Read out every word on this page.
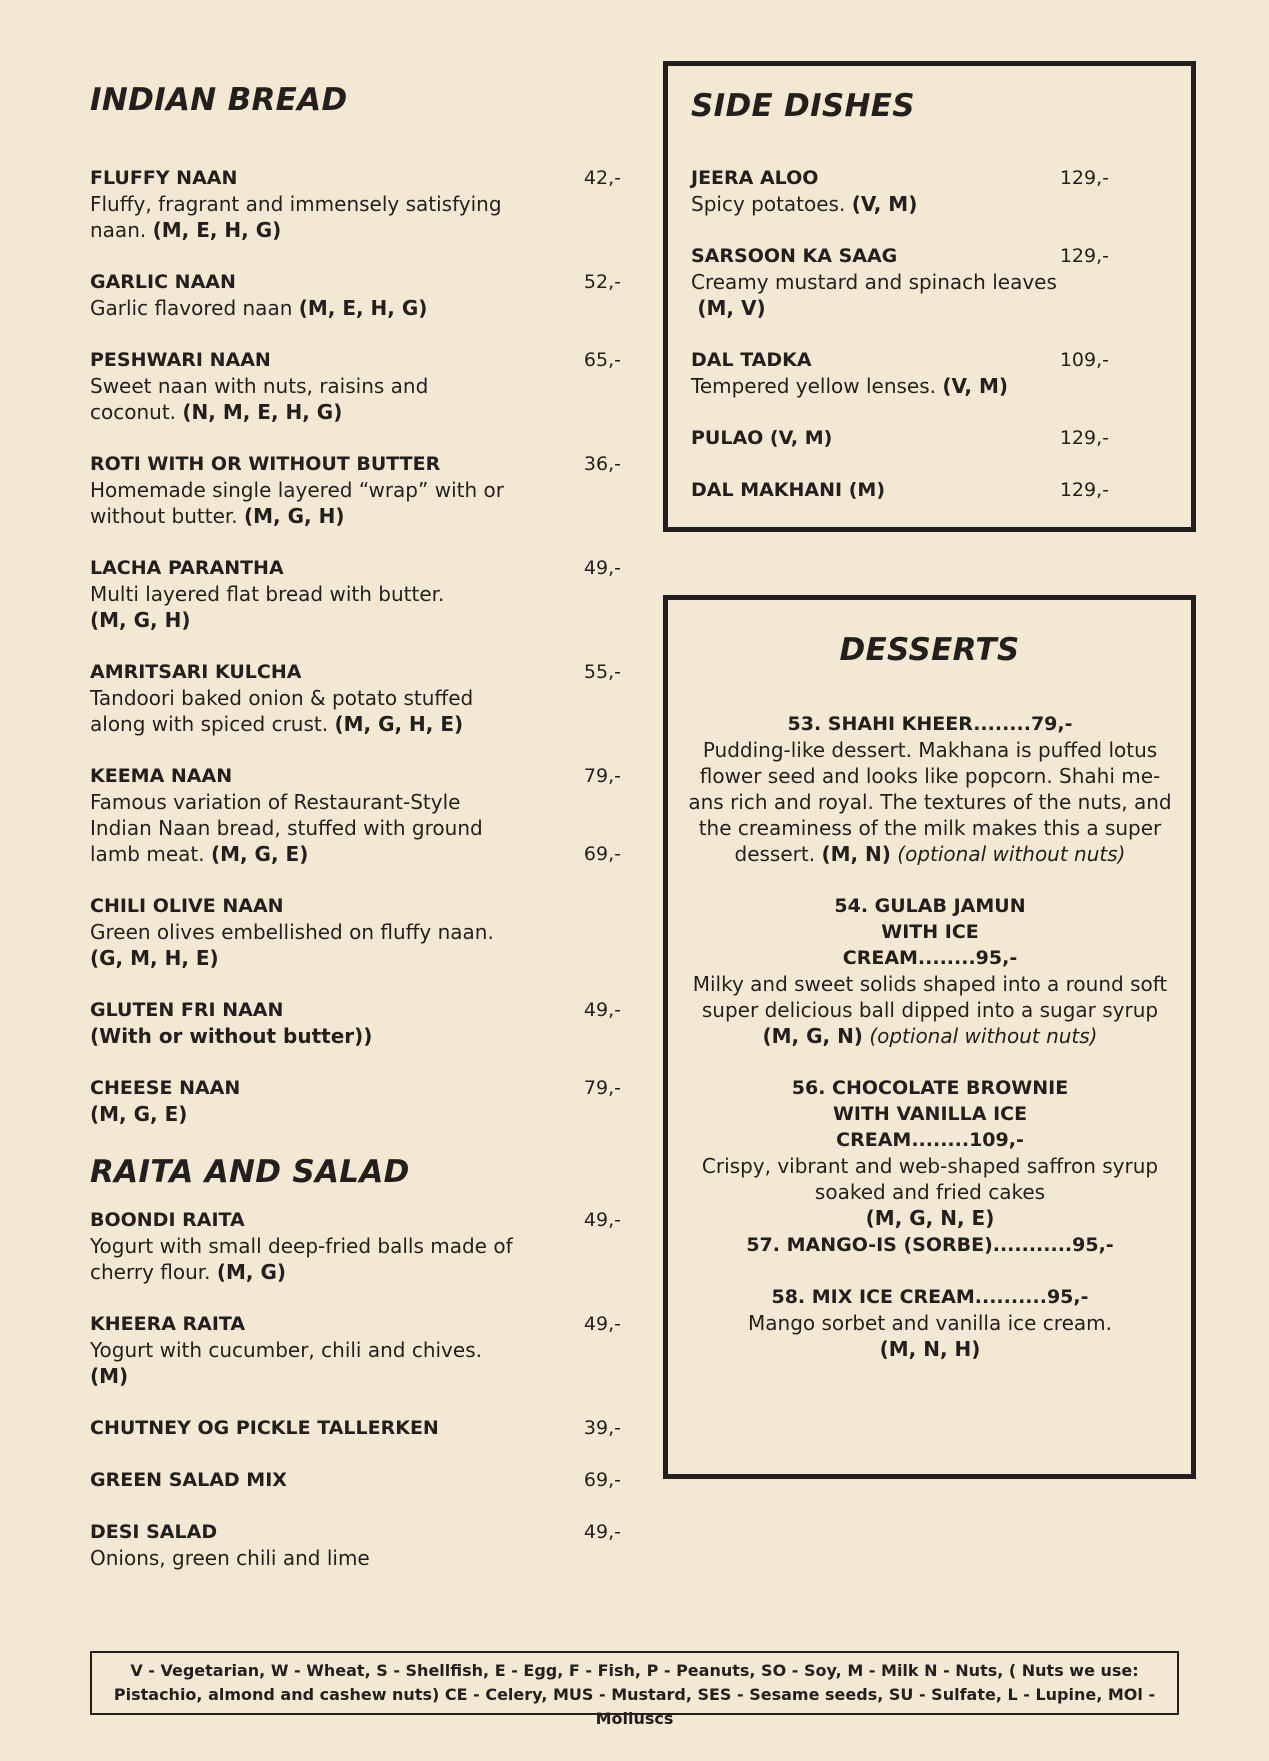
INDIAN BREAD
FLUFFY NAAN
Fluffy, fragrant and immensely satisfying naan. (M, E, H, G)
42,-
GARLIC NAAN
Garlic flavored naan (M, E, H, G)
52,-
PESHWARI NAAN
Sweet naan with nuts, raisins and coconut. (N, M, E, H, G)
65,-
ROTI WITH OR WITHOUT BUTTER
Homemade single layered “wrap” with or without butter. (M, G, H)
36,-
LACHA PARANTHA
Multi layered flat bread with butter.
(M, G, H)
49,-
AMRITSARI KULCHA
Tandoori baked onion & potato stuffed along with spiced crust. (M, G, H, E)
55,-
KEEMA NAAN
Famous variation of Restaurant-Style Indian Naan bread, stuffed with ground lamb meat. (M, G, E)
79,-
69,-
CHILI OLIVE NAAN
Green olives embellished on fluffy naan.
(G, M, H, E)
GLUTEN FRI NAAN
(With or without butter))
49,-
CHEESE NAAN
(M, G, E)
79,-
RAITA AND SALAD
BOONDI RAITA
Yogurt with small deep-fried balls made of cherry flour. (M, G)
49,-
KHEERA RAITA
Yogurt with cucumber, chili and chives.
(M)
49,-
CHUTNEY OG PICKLE TALLERKEN	39,-
GREEN SALAD MIX	69,-
DESI SALAD
Onions, green chili and lime
49,-
SIDE DISHES
JEERA ALOO
Spicy potatoes. (V, M)
129,-
SARSOON KA SAAG
Creamy mustard and spinach leaves
(M, V)
129,-
DAL TADKA
Tempered yellow lenses. (V, M)
109,-
PULAO (V, M)	129,-
DAL MAKHANI (M)	129,-
DESSERTS
53. SHAHI KHEER........79,-
Pudding-like dessert. Makhana is puffed lotus flower seed and looks like popcorn. Shahi me-ans rich and royal. The textures of the nuts, and the creaminess of the milk makes this a super dessert. (M, N) (optional without nuts)
54. GULAB JAMUN WITH ICE CREAM........95,-
Milky and sweet solids shaped into a round soft super delicious ball dipped into a sugar syrup
(M, G, N) (optional without nuts)
56. CHOCOLATE BROWNIE WITH VANILLA ICE CREAM........109,-
Crispy, vibrant and web-shaped saffron syrup soaked and fried cakes
(M, G, N, E)
57. MANGO-IS (SORBE)...........95,-
58. MIX ICE CREAM..........95,-
Mango sorbet and vanilla ice cream.
(M, N, H)
V - Vegetarian, W - Wheat, S - Shellfish, E - Egg, F - Fish, P - Peanuts, SO - Soy, M - Milk N - Nuts, ( Nuts we use: Pistachio, almond and cashew nuts) CE - Celery, MUS - Mustard, SES - Sesame seeds, SU - Sulfate, L - Lupine, MOl - Molluscs
